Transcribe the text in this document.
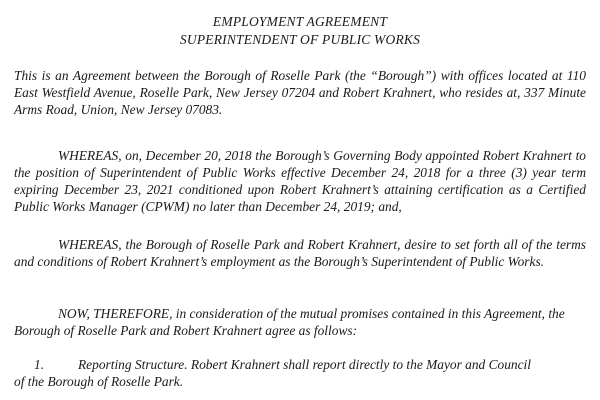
EMPLOYMENT AGREEMENT
SUPERINTENDENT OF PUBLIC WORKS

This is an Agreement between the Borough of Roselle Park (the “Borough”) with offices located at 110 East Westfield Avenue, Roselle Park, New Jersey 07204 and Robert Krahnert, who resides at, 337 Minute Arms Road, Union, New Jersey 07083.

WHEREAS, on, December 20, 2018 the Borough’s Governing Body appointed Robert Krahnert to the position of Superintendent of Public Works effective December 24, 2018 for a three (3) year term expiring December 23, 2021 conditioned upon Robert Krahnert’s attaining certification as a Certified Public Works Manager (CPWM) no later than December 24, 2019; and,

WHEREAS, the Borough of Roselle Park and Robert Krahnert, desire to set forth all of the terms and conditions of Robert Krahnert’s employment as the Borough’s Superintendent of Public Works.

NOW, THEREFORE, in consideration of the mutual promises contained in this Agreement, the Borough of Roselle Park and Robert Krahnert agree as follows:

1.	Reporting Structure. Robert Krahnert shall report directly to the Mayor and Council
of the Borough of Roselle Park.
